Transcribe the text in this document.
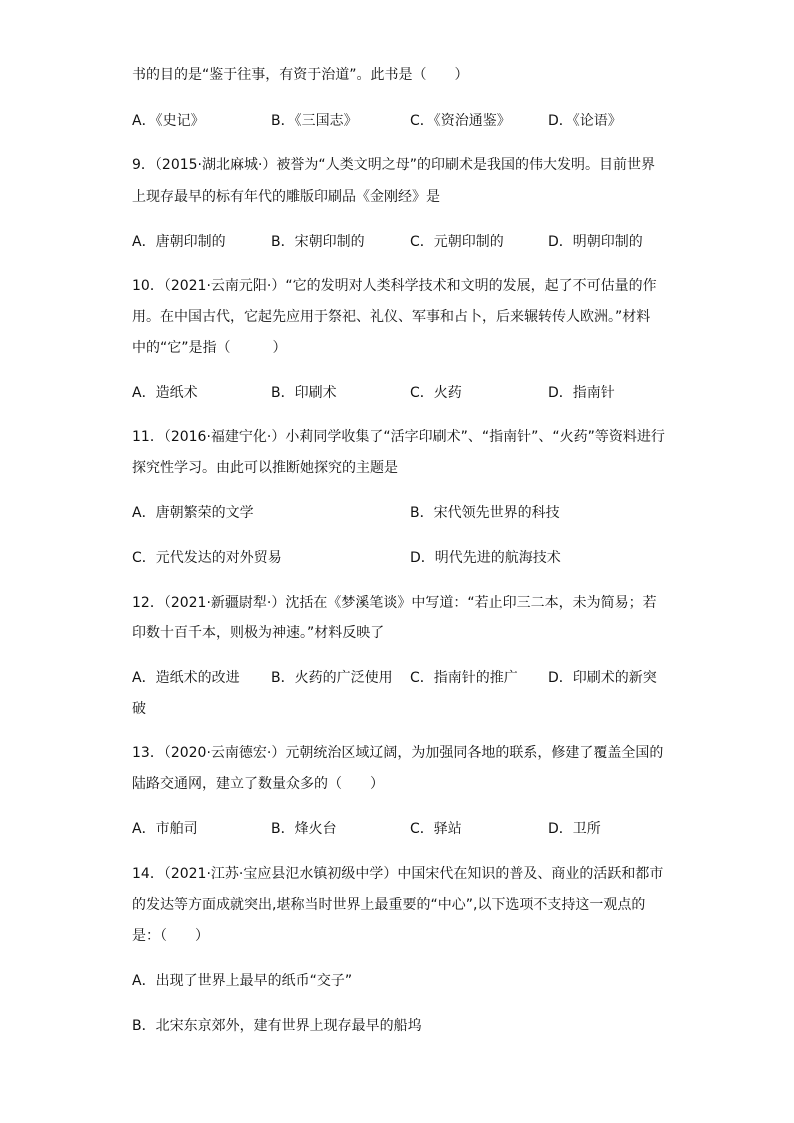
书的目的是“鉴于往事，有资于治道”。此书是（　　）
A．《史记》	B．《三国志》	C．《资治通鉴》	D．《论语》
9．（2015·湖北麻城·）被誉为“人类文明之母”的印刷术是我国的伟大发明。目前世界
上现存最早的标有年代的雕版印刷品《金刚经》是
A．唐朝印制的	B．宋朝印制的	C．元朝印制的	D．明朝印制的
10．（2021·云南元阳·）“它的发明对人类科学技术和文明的发展，起了不可估量的作
用。在中国古代，它起先应用于祭祀、礼仪、军事和占卜，后来辗转传人欧洲。”材料
中的“它”是指（　　　）
A．造纸术	B．印刷术	C．火药	D．指南针
11．（2016·福建宁化·）小莉同学收集了“活字印刷术”、“指南针”、“火药”等资料进行
探究性学习。由此可以推断她探究的主题是
A．唐朝繁荣的文学	B．宋代领先世界的科技
C．元代发达的对外贸易	D．明代先进的航海技术
12．（2021·新疆尉犁·）沈括在《梦溪笔谈》中写道：“若止印三二本，未为简易；若
印数十百千本，则极为神速。”材料反映了
A．造纸术的改进 B．火药的广泛使用 C．指南针的推广 D．印刷术的新突
破
13．（2020·云南德宏·）元朝统治区域辽阔，为加强同各地的联系，修建了覆盖全国的
陆路交通网，建立了数量众多的（　　）
A．市舶司	B．烽火台	C．驿站	D．卫所
14．（2021·江苏·宝应县氾水镇初级中学）中国宋代在知识的普及、商业的活跃和都市
的发达等方面成就突出,堪称当时世界上最重要的“中心”,以下选项不支持这一观点的
是：（　　）
A．出现了世界上最早的纸币“交子”
B．北宋东京郊外，建有世界上现存最早的船坞
